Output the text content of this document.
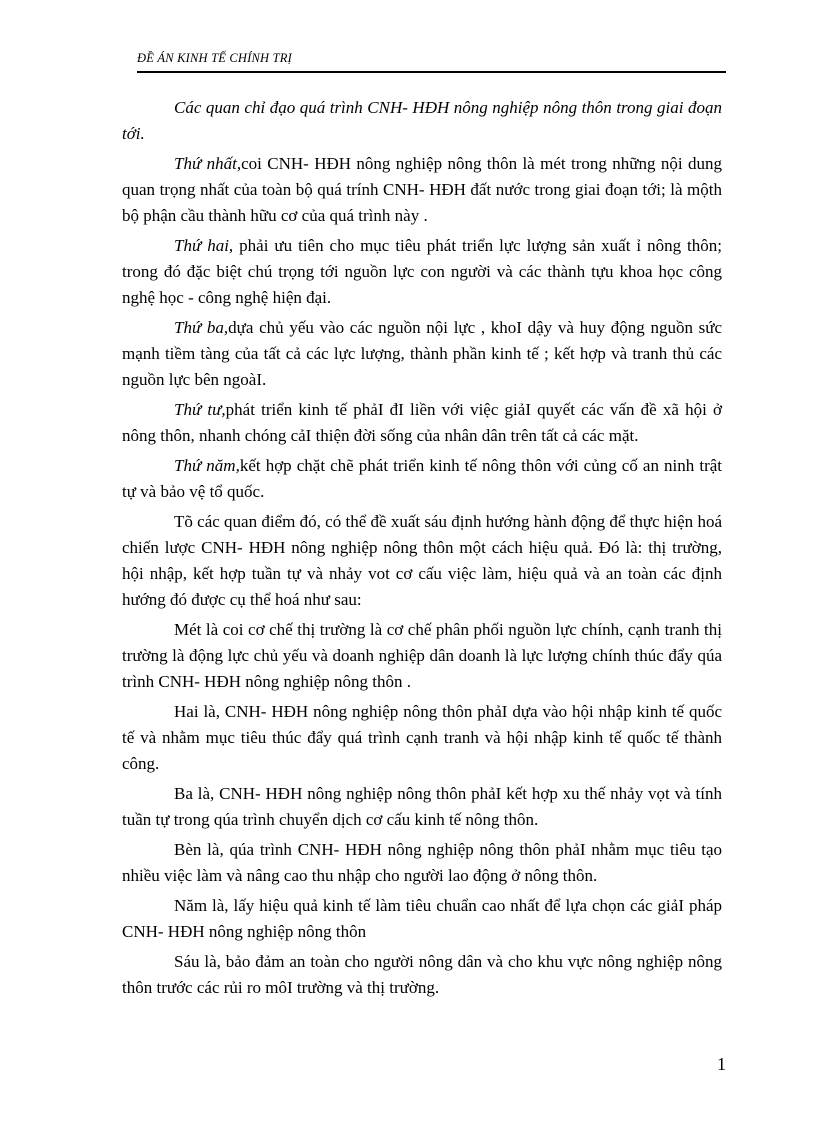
ĐỀ ÁN KINH TẾ CHÍNH TRỊ

Các quan chỉ đạo quá trình CNH- HĐH nông nghiệp nông thôn trong giai đoạn tới.

Thứ nhất,coi CNH- HĐH nông nghiệp nông thôn là mét trong những nội dung quan trọng nhất của toàn bộ quá trính CNH- HĐH đất nước trong giai đoạn tới; là mộth bộ phận cầu thành hữu cơ của quá trình này .

Thứ hai, phải ưu tiên cho mục tiêu phát triển lực lượng sản xuất ỉ nông thôn; trong đó đặc biệt chú trọng tới nguồn lực con người và các thành tựu khoa học công nghệ học - công nghệ hiện đại.

Thứ ba,dựa chủ yếu vào các nguồn nội lực , khoI dậy và huy động nguồn sức mạnh tiềm tàng của tất cả các lực lượng, thành phần kinh tế ; kết hợp và tranh thủ các nguồn lực bên ngoàI.

Thứ tư,phát triển kinh tế phảI đI liền với việc giảI quyết các vấn đề xã hội ở nông thôn, nhanh chóng cảI thiện đời sống của nhân dân trên tất cả các mặt.

Thứ năm,kết hợp chặt chẽ phát triển kinh tế nông thôn với củng cố an ninh trật tự và bảo vệ tổ quốc.

Tõ các quan điểm đó, có thể đề xuất sáu định hướng hành động để thực hiện hoá chiến lược CNH- HĐH nông nghiệp nông thôn một cách hiệu quả. Đó là: thị trường, hội nhập, kết hợp tuần tự và nhảy vot cơ cấu việc làm, hiệu quả và an toàn các định hướng đó được cụ thể hoá như sau:

Mét là coi cơ chế thị trường là cơ chế phân phối nguồn lực chính, cạnh tranh thị trường là động lực chủ yếu và doanh nghiệp dân doanh là lực lượng chính thúc đẩy qúa trình CNH- HĐH nông nghiệp nông thôn .

Hai là, CNH- HĐH nông nghiệp nông thôn phảI dựa vào hội nhập kinh tế quốc tế và nhằm mục tiêu thúc đẩy quá trình cạnh tranh và hội nhập kinh tế quốc tế thành công.

Ba là, CNH- HĐH nông nghiệp nông thôn phảI kết hợp xu thế nhảy vọt và tính tuần tự trong qúa trình chuyển dịch cơ cấu kinh tế nông thôn.

Bèn là, qúa trình CNH- HĐH nông nghiệp nông thôn phảI nhằm mục tiêu tạo nhiều việc làm và nâng cao thu nhập cho người lao động ở nông thôn.

Năm là, lấy hiệu quả kinh tế làm tiêu chuẩn cao nhất để lựa chọn các giảI pháp CNH- HĐH nông nghiệp nông thôn

Sáu là, bảo đảm an toàn cho người nông dân và cho khu vực nông nghiệp nông thôn trước các rủi ro môI trường và thị trường.

1
